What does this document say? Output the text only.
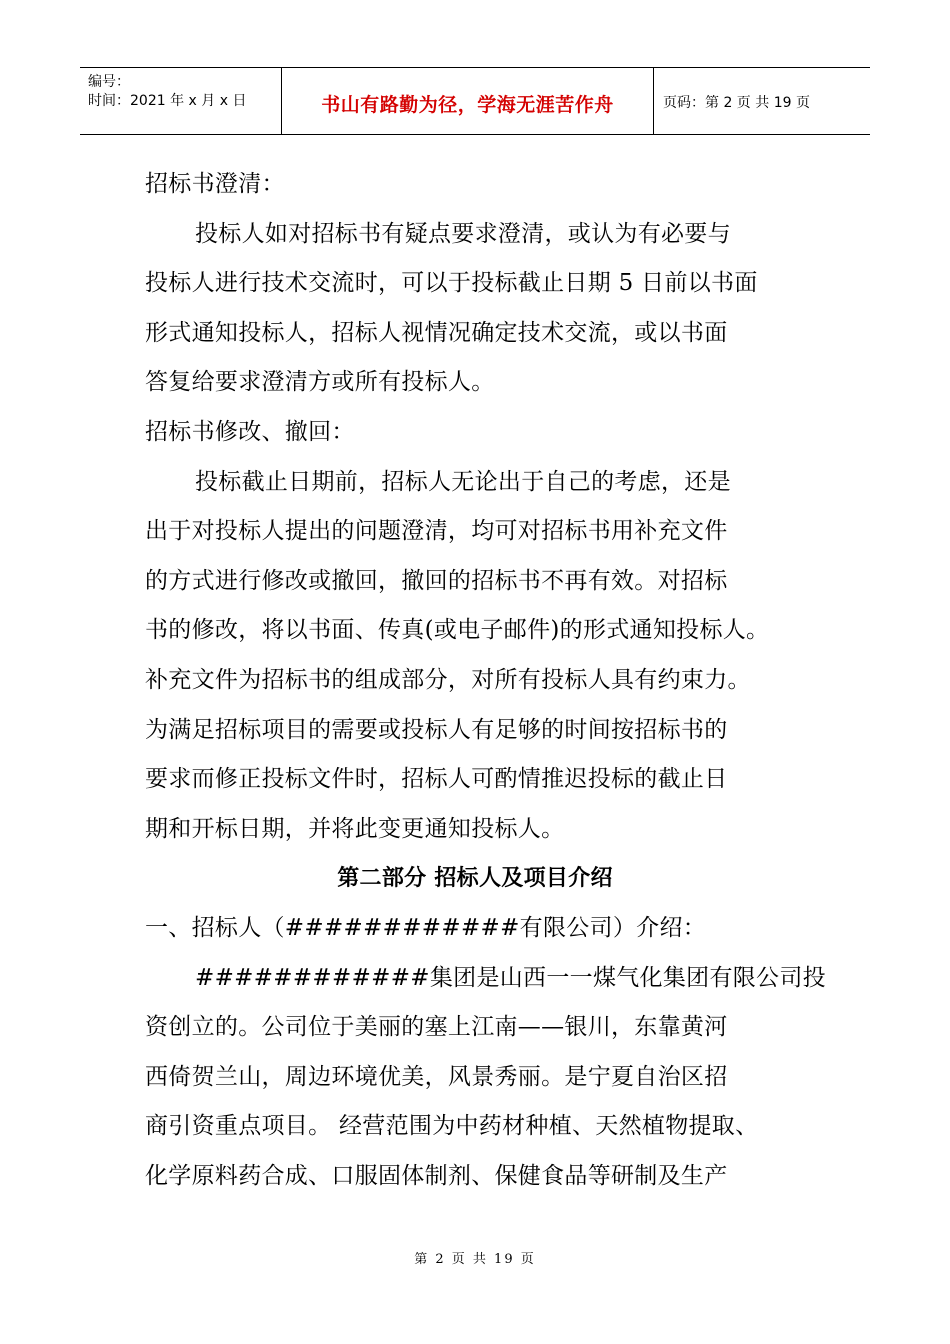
编号：
时间：2021 年 x 月 x 日	书山有路勤为径，学海无涯苦作舟	页码：第 2 页 共 19 页
招标书澄清：
投标人如对招标书有疑点要求澄清，或认为有必要与
投标人进行技术交流时，可以于投标截止日期 5 日前以书面
形式通知投标人，招标人视情况确定技术交流，或以书面
答复给要求澄清方或所有投标人。
招标书修改、撤回：
投标截止日期前，招标人无论出于自己的考虑，还是
出于对投标人提出的问题澄清，均可对招标书用补充文件
的方式进行修改或撤回，撤回的招标书不再有效。对招标
书的修改，将以书面、传真(或电子邮件)的形式通知投标人。
补充文件为招标书的组成部分，对所有投标人具有约束力。
为满足招标项目的需要或投标人有足够的时间按招标书的
要求而修正投标文件时，招标人可酌情推迟投标的截止日
期和开标日期，并将此变更通知投标人。
第二部分 招标人及项目介绍
一、招标人（############有限公司）介绍：
############集团是山西一一煤气化集团有限公司投
资创立的。公司位于美丽的塞上江南——银川，东靠黄河
西倚贺兰山，周边环境优美，风景秀丽。是宁夏自治区招
商引资重点项目。 经营范围为中药材种植、天然植物提取、
化学原料药合成、口服固体制剂、保健食品等研制及生产
第 2 页 共 19 页
